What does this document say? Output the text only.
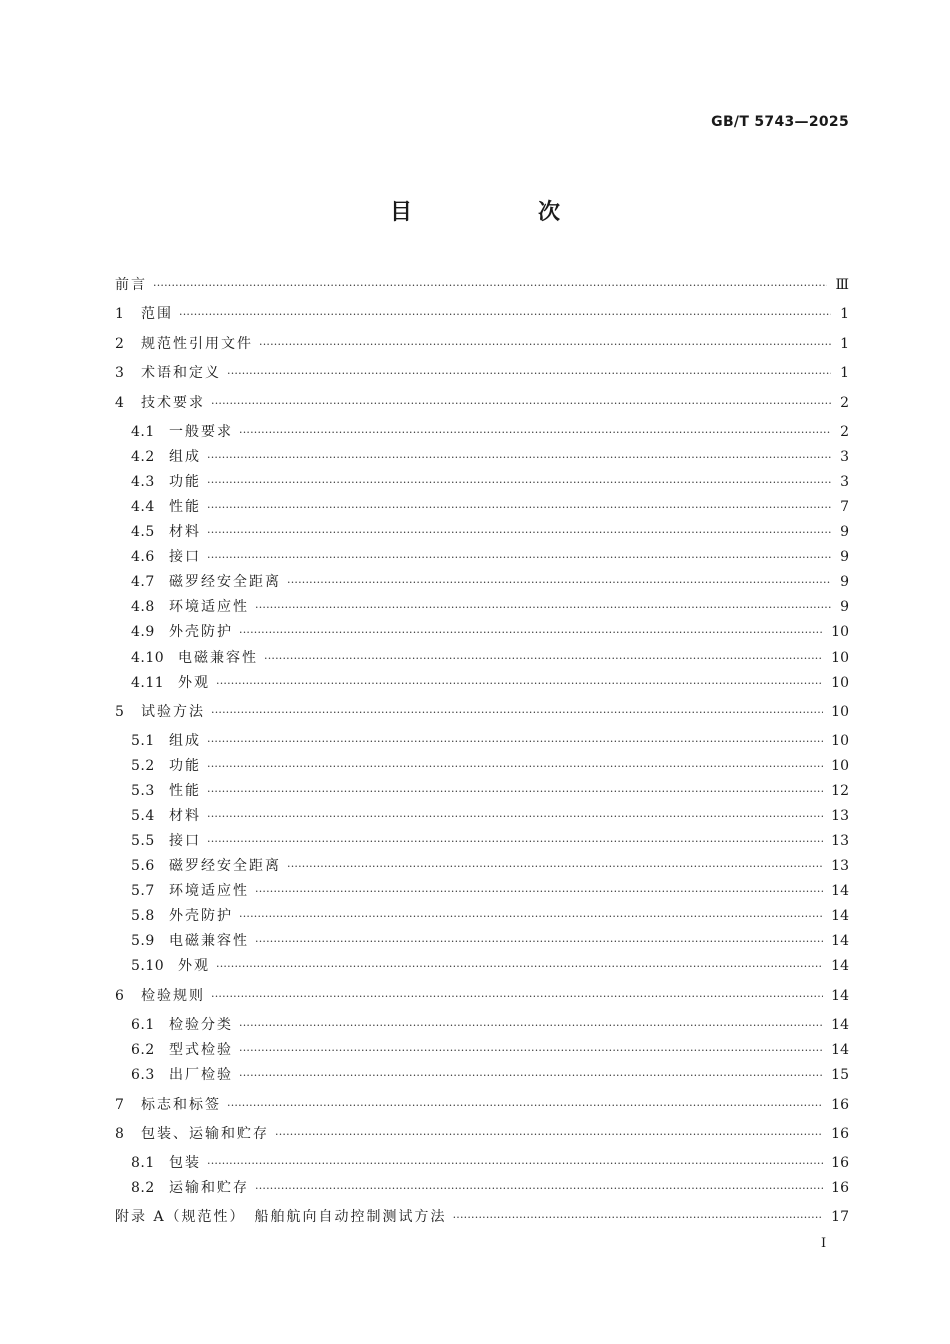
GB/T 5743—2025
目　次
前言 ·····	Ⅲ
1	范围 ·····	1
2	规范性引用文件 ·····	1
3	术语和定义 ·····	1
4	技术要求 ·····	2
4.1	一般要求 ·····	2
4.2	组成 ·····	3
4.3	功能 ·····	3
4.4	性能 ·····	7
4.5	材料 ·····	9
4.6	接口 ·····	9
4.7	磁罗经安全距离 ·····	9
4.8	环境适应性 ·····	9
4.9	外壳防护 ·····	10
4.10 电磁兼容性 ·····	10
4.11 外观 ·····	10
5	试验方法 ·····	10
5.1	组成 ·····	10
5.2	功能 ·····	10
5.3	性能 ·····	12
5.4	材料 ·····	13
5.5	接口 ·····	13
5.6	磁罗经安全距离 ·····	13
5.7	环境适应性 ·····	14
5.8	外壳防护 ·····	14
5.9	电磁兼容性 ·····	14
5.10 外观 ·····	14
6	检验规则 ·····	14
6.1	检验分类 ·····	14
6.2	型式检验 ·····	14
6.3	出厂检验 ·····	15
7	标志和标签 ·····	16
8	包装、运输和贮存 ·····	16
8.1	包装 ·····	16
8.2	运输和贮存 ·····	16
附录 A（规范性）　船舶航向自动控制测试方法 ·····	17
I
